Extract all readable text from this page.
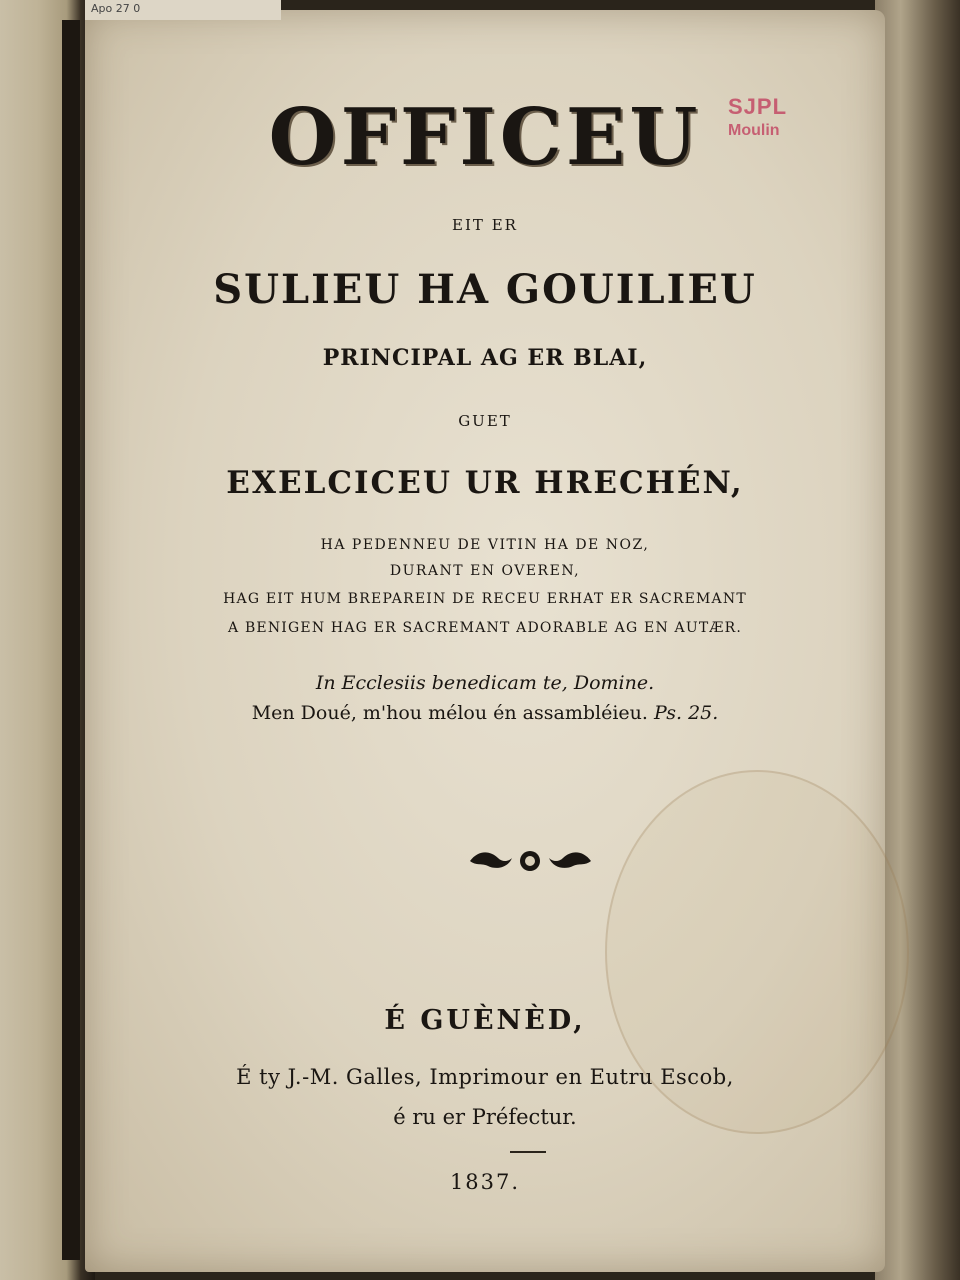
Apo 27 0
SJPL
Moulin
OFFICEU
EIT ER
SULIEU HA GOUILIEU
PRINCIPAL AG ER BLAI,
GUET
EXELCICEU UR HRECHÉN,
HA PEDENNEU DE VITIN HA DE NOZ,
DURANT EN OVEREN,
HAG EIT HUM BREPAREIN DE RECEU ERHAT ER SACREMANT
A BENIGEN HAG ER SACREMANT ADORABLE AG EN AUTÆR.
In Ecclesiis benedicam te, Domine.
Men Doué, m'hou mélou én assambléieu. Ps. 25.
É GUÈNÈD,
É ty J.-M. Galles, Imprimour en Eutru Escob,
é ru er Préfectur.
1837.
